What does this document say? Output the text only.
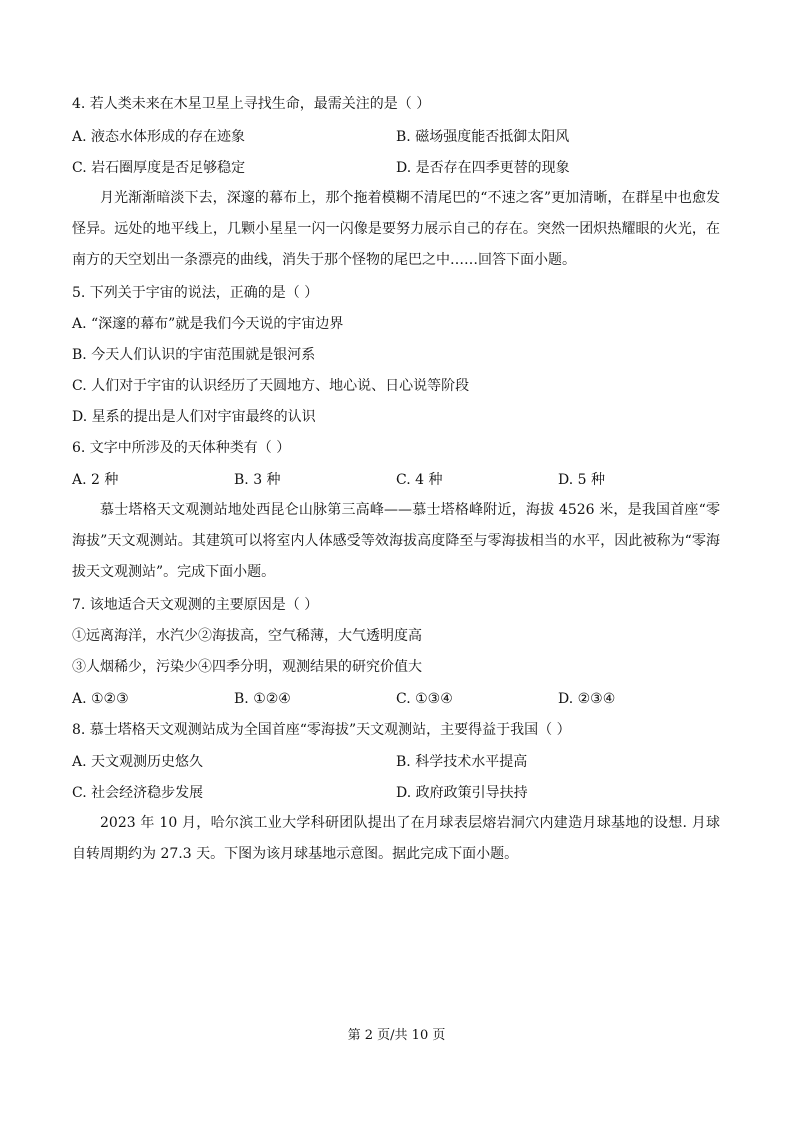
4. 若人类未来在木星卫星上寻找生命，最需关注的是（ ）
A. 液态水体形成的存在迹象	B. 磁场强度能否抵御太阳风
C. 岩石圈厚度是否足够稳定	D. 是否存在四季更替的现象
月光渐渐暗淡下去，深邃的幕布上，那个拖着模糊不清尾巴的“不速之客”更加清晰，在群星中也愈发怪异。远处的地平线上，几颗小星星一闪一闪像是要努力展示自己的存在。突然一团炽热耀眼的火光，在南方的天空划出一条漂亮的曲线，消失于那个怪物的尾巴之中……回答下面小题。
5. 下列关于宇宙的说法，正确的是（ ）
A. “深邃的幕布”就是我们今天说的宇宙边界
B. 今天人们认识的宇宙范围就是银河系
C. 人们对于宇宙的认识经历了天圆地方、地心说、日心说等阶段
D. 星系的提出是人们对宇宙最终的认识
6. 文字中所涉及的天体种类有（ ）
A. 2 种	B. 3 种	C. 4 种	D. 5 种
慕士塔格天文观测站地处西昆仑山脉第三高峰——慕士塔格峰附近，海拔 4526 米，是我国首座“零海拔”天文观测站。其建筑可以将室内人体感受等效海拔高度降至与零海拔相当的水平，因此被称为“零海拔天文观测站”。完成下面小题。
7. 该地适合天文观测的主要原因是（ ）
①远离海洋，水汽少②海拔高，空气稀薄，大气透明度高
③人烟稀少，污染少④四季分明，观测结果的研究价值大
A. ①②③	B. ①②④	C. ①③④	D. ②③④
8. 慕士塔格天文观测站成为全国首座“零海拔”天文观测站，主要得益于我国（ ）
A. 天文观测历史悠久	B. 科学技术水平提高
C. 社会经济稳步发展	D. 政府政策引导扶持
2023 年 10 月，哈尔滨工业大学科研团队提出了在月球表层熔岩洞穴内建造月球基地的设想. 月球自转周期约为 27.3 天。下图为该月球基地示意图。据此完成下面小题。
第 2 页/共 10 页
